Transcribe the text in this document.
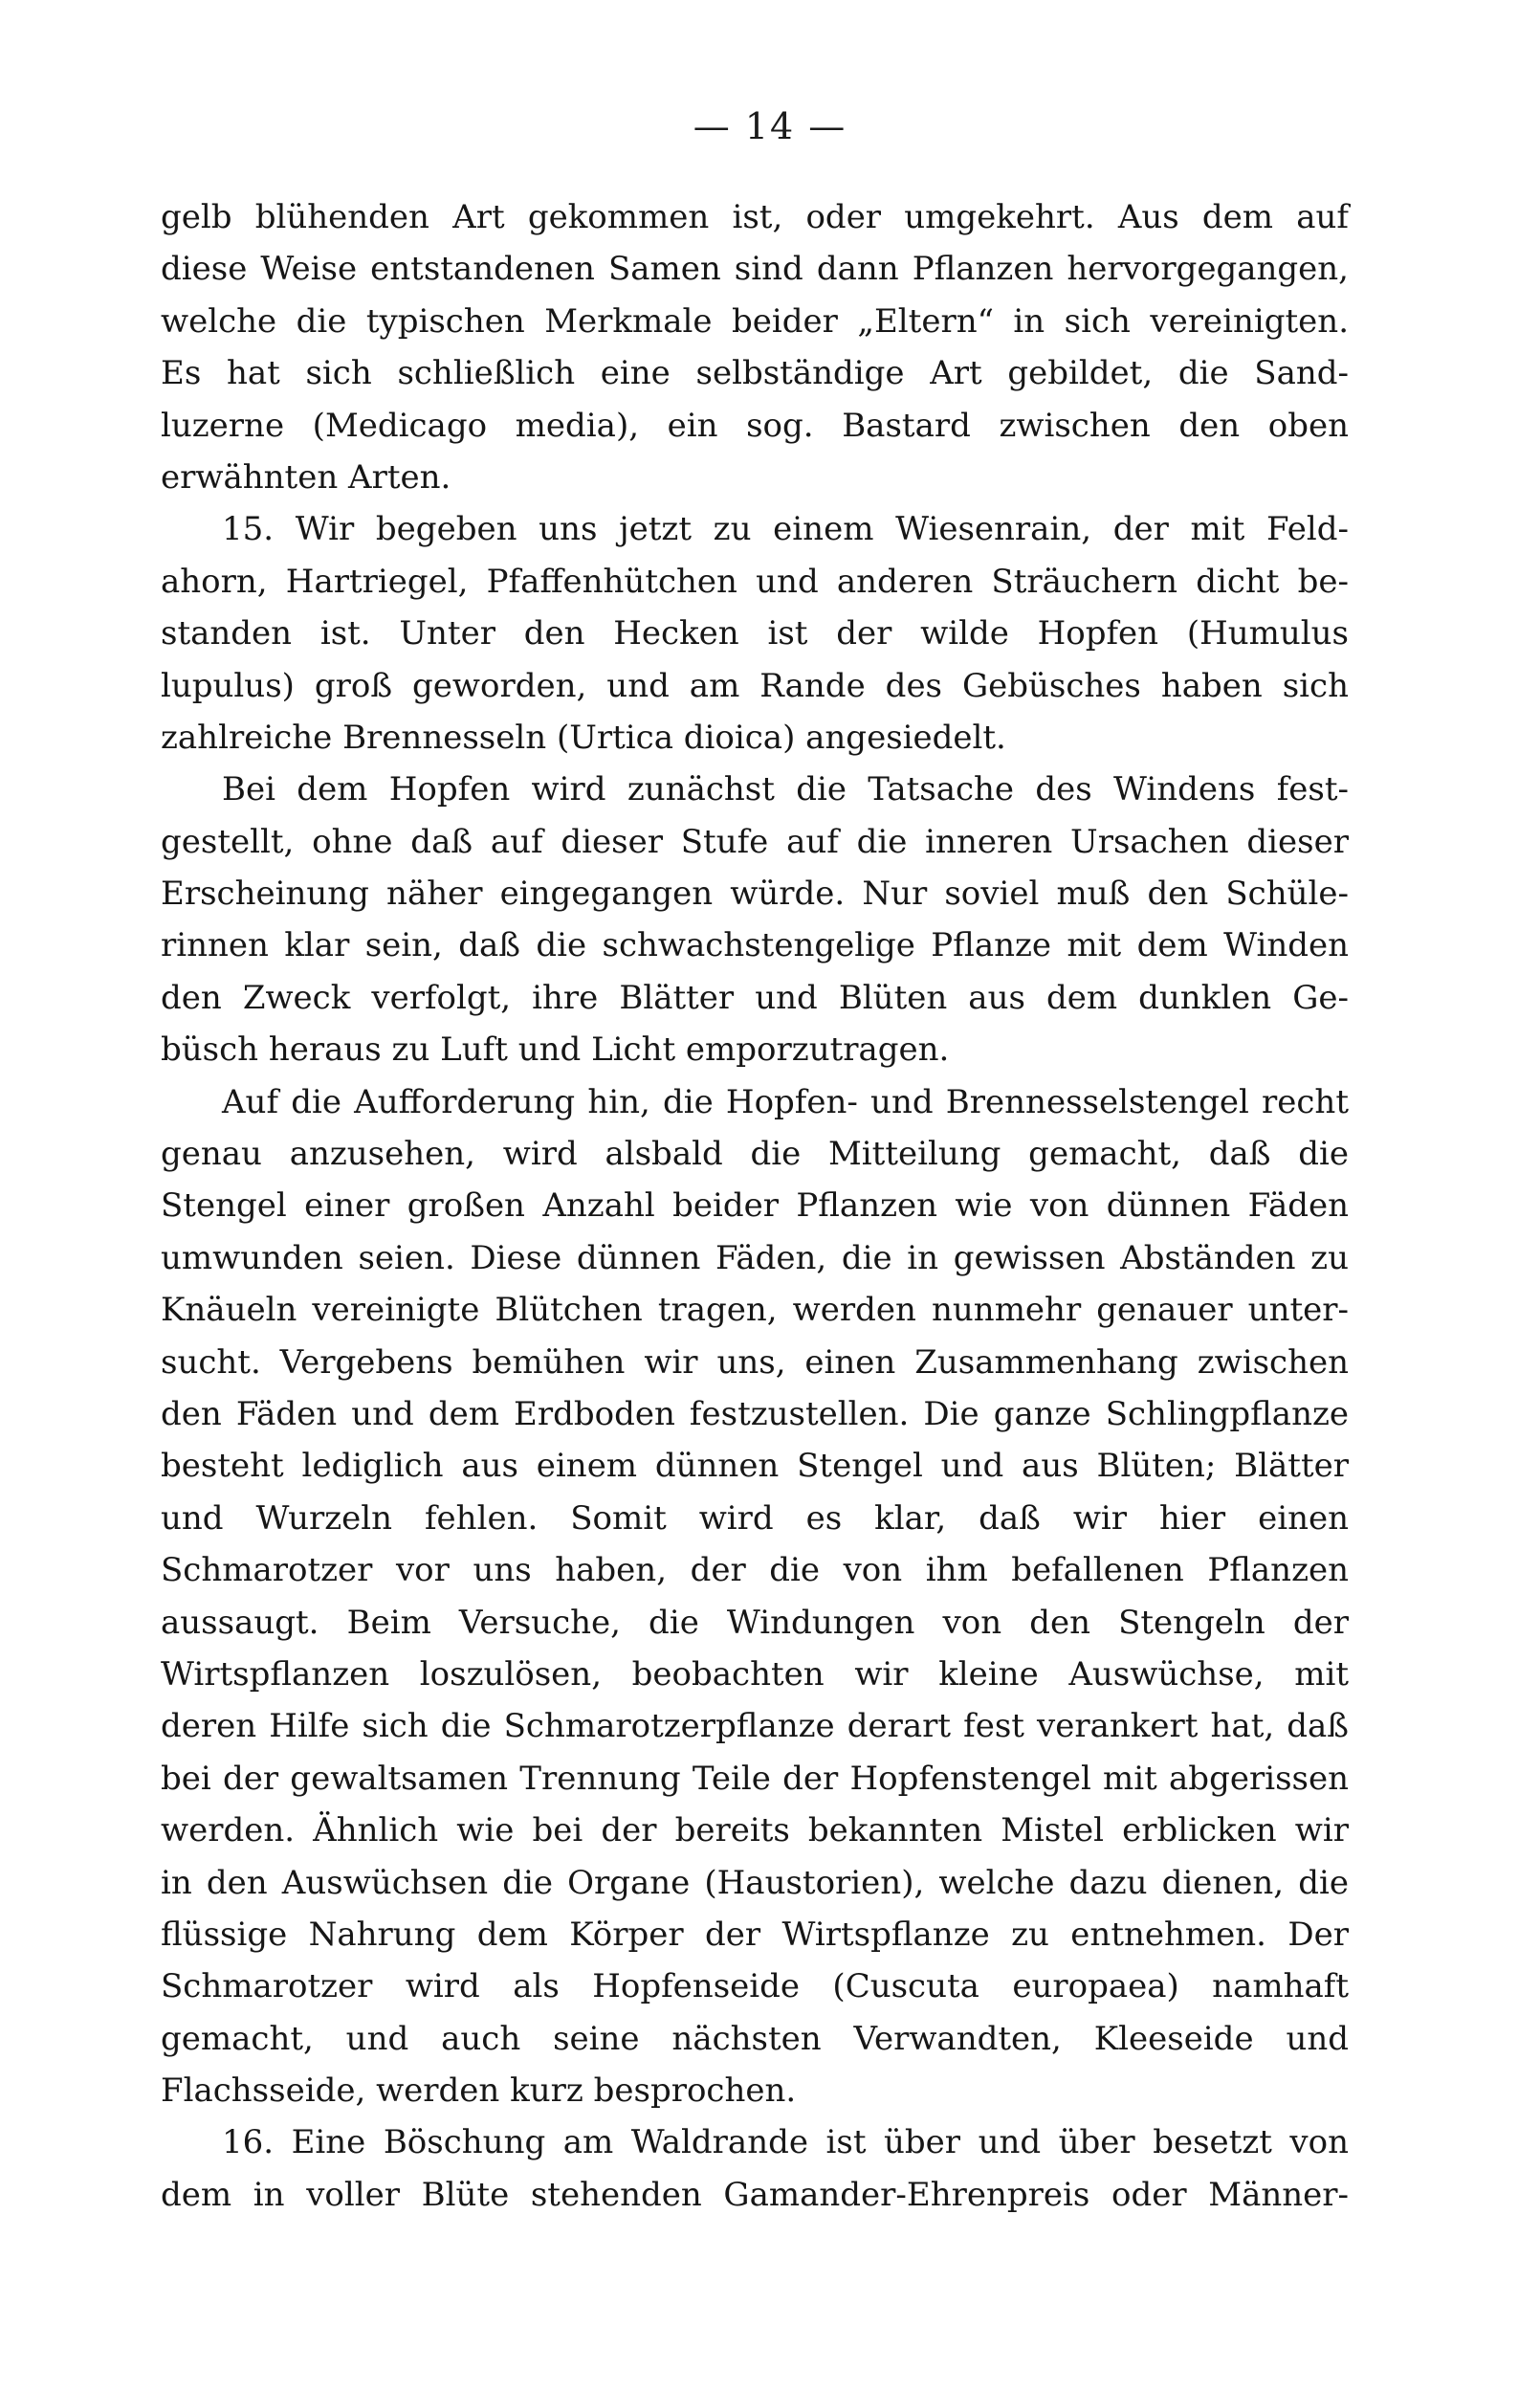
— 14 —
gelb blühenden Art gekommen ist, oder umgekehrt. Aus dem auf
diese Weise entstandenen Samen sind dann Pflanzen hervorgegangen,
welche die typischen Merkmale beider „Eltern“ in sich vereinigten.
Es hat sich schließlich eine selbständige Art gebildet, die Sand-
luzerne (Medicago media), ein sog. Bastard zwischen den oben
erwähnten Arten.
15. Wir begeben uns jetzt zu einem Wiesenrain, der mit Feld-
ahorn, Hartriegel, Pfaffenhütchen und anderen Sträuchern dicht be-
standen ist. Unter den Hecken ist der wilde Hopfen (Humulus
lupulus) groß geworden, und am Rande des Gebüsches haben sich
zahlreiche Brennesseln (Urtica dioica) angesiedelt.
Bei dem Hopfen wird zunächst die Tatsache des Windens fest-
gestellt, ohne daß auf dieser Stufe auf die inneren Ursachen dieser
Erscheinung näher eingegangen würde. Nur soviel muß den Schüle-
rinnen klar sein, daß die schwachstengelige Pflanze mit dem Winden
den Zweck verfolgt, ihre Blätter und Blüten aus dem dunklen Ge-
büsch heraus zu Luft und Licht emporzutragen.
Auf die Aufforderung hin, die Hopfen- und Brennesselstengel recht
genau anzusehen, wird alsbald die Mitteilung gemacht, daß die
Stengel einer großen Anzahl beider Pflanzen wie von dünnen Fäden
umwunden seien. Diese dünnen Fäden, die in gewissen Abständen zu
Knäueln vereinigte Blütchen tragen, werden nunmehr genauer unter-
sucht. Vergebens bemühen wir uns, einen Zusammenhang zwischen
den Fäden und dem Erdboden festzustellen. Die ganze Schlingpflanze
besteht lediglich aus einem dünnen Stengel und aus Blüten; Blätter
und Wurzeln fehlen. Somit wird es klar, daß wir hier einen
Schmarotzer vor uns haben, der die von ihm befallenen Pflanzen
aussaugt. Beim Versuche, die Windungen von den Stengeln der
Wirtspflanzen loszulösen, beobachten wir kleine Auswüchse, mit
deren Hilfe sich die Schmarotzerpflanze derart fest verankert hat, daß
bei der gewaltsamen Trennung Teile der Hopfenstengel mit abgerissen
werden. Ähnlich wie bei der bereits bekannten Mistel erblicken wir
in den Auswüchsen die Organe (Haustorien), welche dazu dienen, die
flüssige Nahrung dem Körper der Wirtspflanze zu entnehmen. Der
Schmarotzer wird als Hopfenseide (Cuscuta europaea) namhaft
gemacht, und auch seine nächsten Verwandten, Kleeseide und
Flachsseide, werden kurz besprochen.
16. Eine Böschung am Waldrande ist über und über besetzt von
dem in voller Blüte stehenden Gamander-Ehrenpreis oder Männer-
